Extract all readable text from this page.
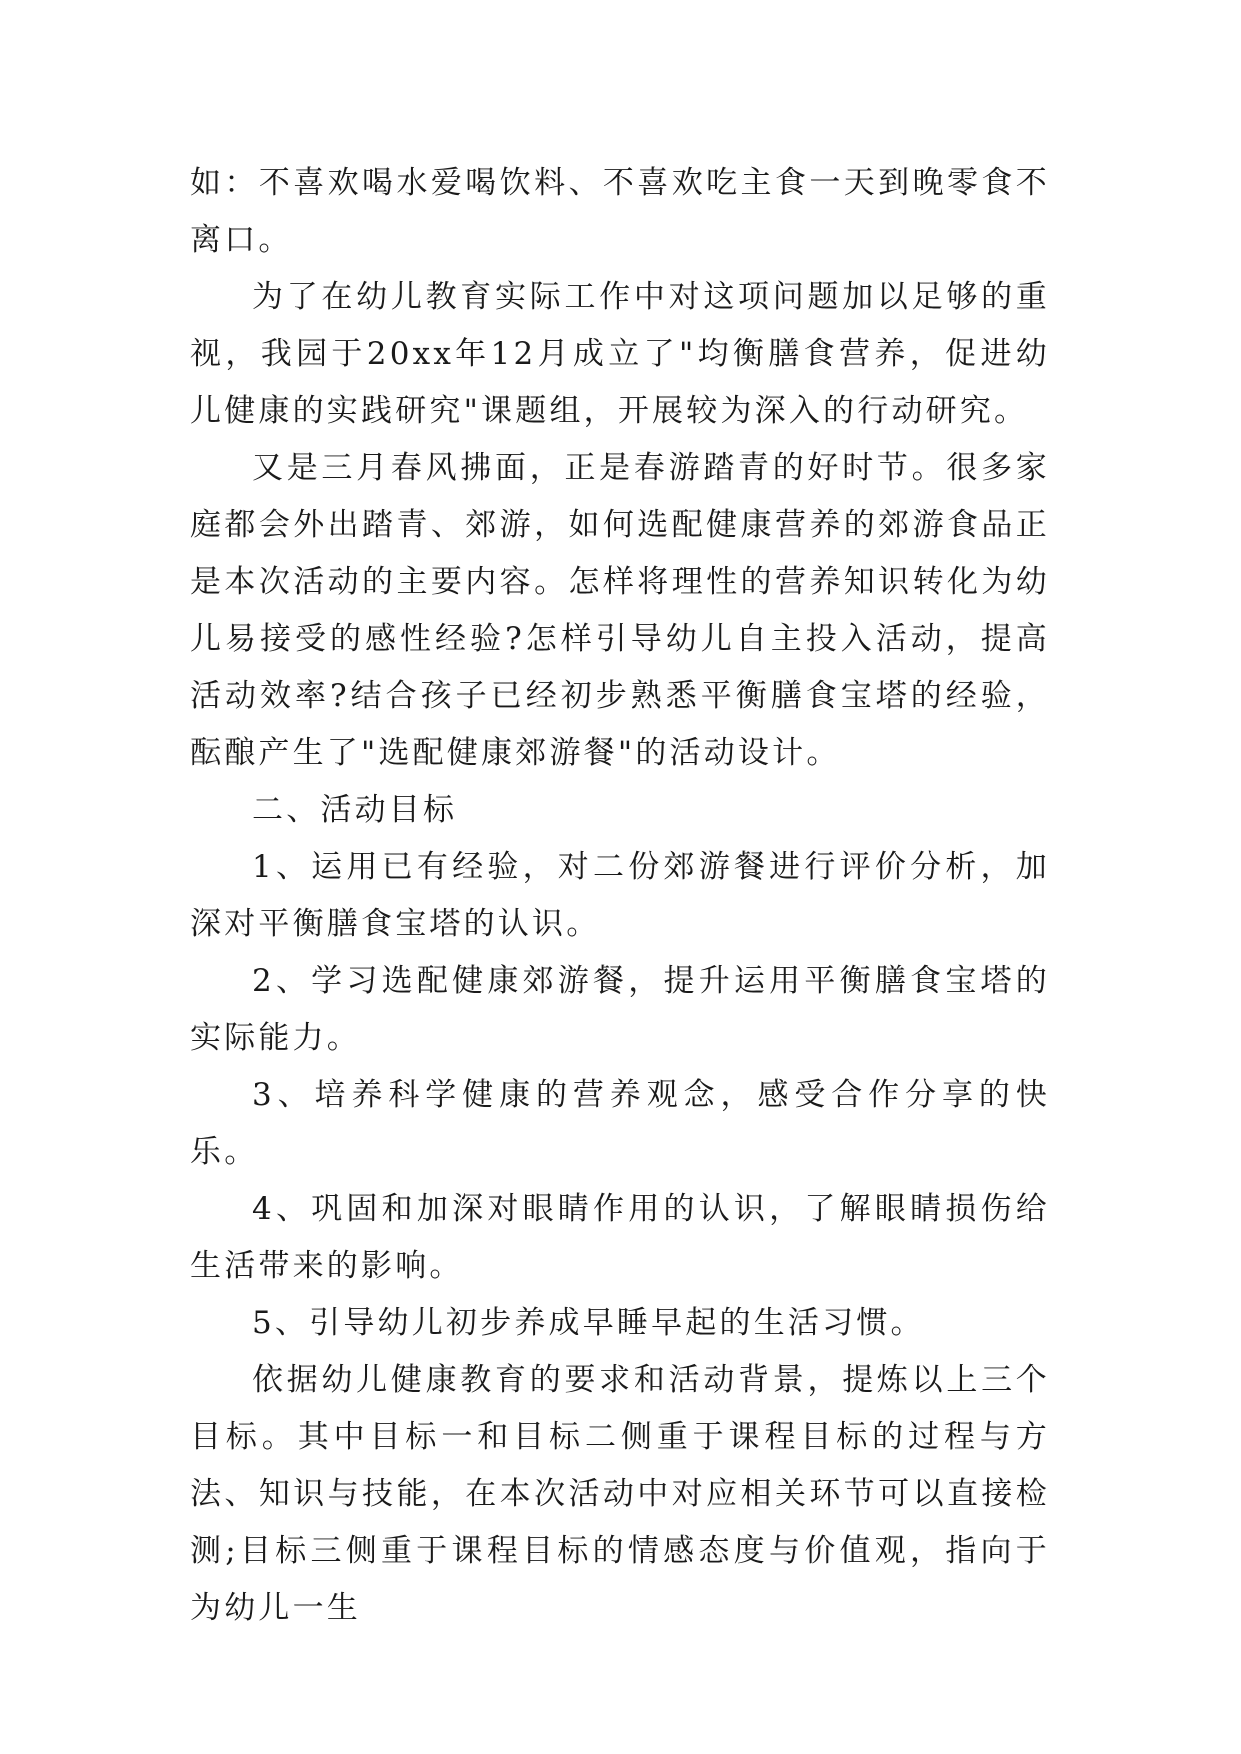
如：不喜欢喝水爱喝饮料、不喜欢吃主食一天到晚零食不离口。

为了在幼儿教育实际工作中对这项问题加以足够的重视，我园于20xx年12月成立了"均衡膳食营养，促进幼儿健康的实践研究"课题组，开展较为深入的行动研究。

又是三月春风拂面，正是春游踏青的好时节。很多家庭都会外出踏青、郊游，如何选配健康营养的郊游食品正是本次活动的主要内容。怎样将理性的营养知识转化为幼儿易接受的感性经验?怎样引导幼儿自主投入活动，提高活动效率?结合孩子已经初步熟悉平衡膳食宝塔的经验，酝酿产生了"选配健康郊游餐"的活动设计。

二、活动目标

1、运用已有经验，对二份郊游餐进行评价分析，加深对平衡膳食宝塔的认识。

2、学习选配健康郊游餐，提升运用平衡膳食宝塔的实际能力。

3、培养科学健康的营养观念，感受合作分享的快乐。

4、巩固和加深对眼睛作用的认识，了解眼睛损伤给生活带来的影响。

5、引导幼儿初步养成早睡早起的生活习惯。

依据幼儿健康教育的要求和活动背景，提炼以上三个目标。其中目标一和目标二侧重于课程目标的过程与方法、知识与技能，在本次活动中对应相关环节可以直接检测;目标三侧重于课程目标的情感态度与价值观，指向于为幼儿一生
